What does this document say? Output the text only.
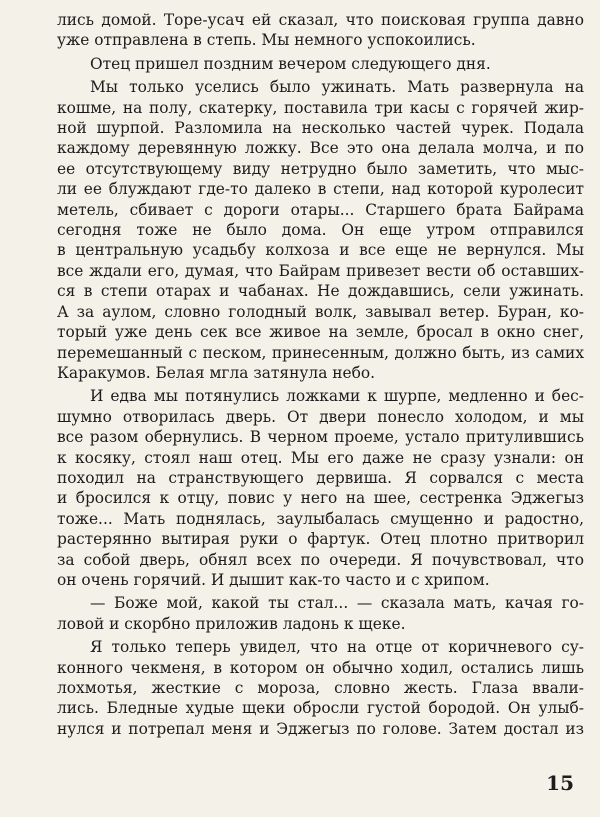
лись домой. Торе-усач ей сказал, что поисковая группа давно
уже отправлена в степь. Мы немного успокоились.

Отец пришел поздним вечером следующего дня.

Мы только уселись было ужинать. Мать развернула на
кошме, на полу, скатерку, поставила три касы с горячей жир-
ной шурпой. Разломила на несколько частей чурек. Подала
каждому деревянную ложку. Все это она делала молча, и по
ее отсутствующему виду нетрудно было заметить, что мыс-
ли ее блуждают где-то далеко в степи, над которой куролесит
метель, сбивает с дороги отары... Старшего брата Байрама
сегодня тоже не было дома. Он еще утром отправился
в центральную усадьбу колхоза и все еще не вернулся. Мы
все ждали его, думая, что Байрам привезет вести об оставших-
ся в степи отарах и чабанах. Не дождавшись, сели ужинать.
А за аулом, словно голодный волк, завывал ветер. Буран, ко-
торый уже день сек все живое на земле, бросал в окно снег,
перемешанный с песком, принесенным, должно быть, из самих
Каракумов. Белая мгла затянула небо.

И едва мы потянулись ложками к шурпе, медленно и бес-
шумно отворилась дверь. От двери понесло холодом, и мы
все разом обернулись. В черном проеме, устало притулившись
к косяку, стоял наш отец. Мы его даже не сразу узнали: он
походил на странствующего дервиша. Я сорвался с места
и бросился к отцу, повис у него на шее, сестренка Эджегыз
тоже... Мать поднялась, заулыбалась смущенно и радостно,
растерянно вытирая руки о фартук. Отец плотно притворил
за собой дверь, обнял всех по очереди. Я почувствовал, что
он очень горячий. И дышит как-то часто и с хрипом.

— Боже мой, какой ты стал... — сказала мать, качая го-
ловой и скорбно приложив ладонь к щеке.

Я только теперь увидел, что на отце от коричневого су-
конного чекменя, в котором он обычно ходил, остались лишь
лохмотья, жесткие с мороза, словно жесть. Глаза ввали-
лись. Бледные худые щеки обросли густой бородой. Он улыб-
нулся и потрепал меня и Эджегыз по голове. Затем достал из

15
